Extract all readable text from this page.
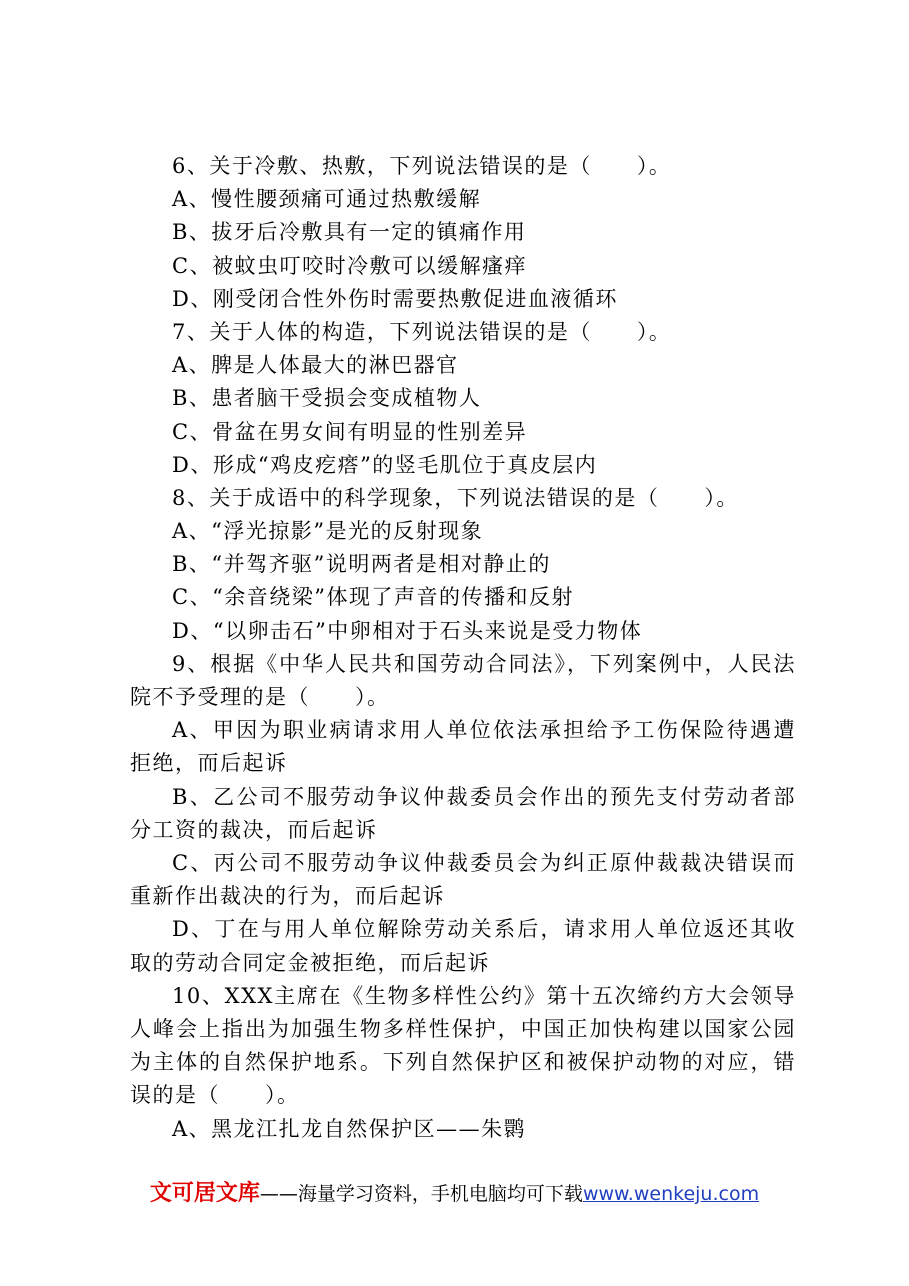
6、关于冷敷、热敷，下列说法错误的是（　　）。
A、慢性腰颈痛可通过热敷缓解
B、拔牙后冷敷具有一定的镇痛作用
C、被蚊虫叮咬时冷敷可以缓解瘙痒
D、刚受闭合性外伤时需要热敷促进血液循环
7、关于人体的构造，下列说法错误的是（　　）。
A、脾是人体最大的淋巴器官
B、患者脑干受损会变成植物人
C、骨盆在男女间有明显的性别差异
D、形成“鸡皮疙瘩”的竖毛肌位于真皮层内
8、关于成语中的科学现象，下列说法错误的是（　　）。
A、“浮光掠影”是光的反射现象
B、“并驾齐驱”说明两者是相对静止的
C、“余音绕梁”体现了声音的传播和反射
D、“以卵击石”中卵相对于石头来说是受力物体
9、根据《中华人民共和国劳动合同法》，下列案例中，人民法院不予受理的是（　　）。
A、甲因为职业病请求用人单位依法承担给予工伤保险待遇遭拒绝，而后起诉
B、乙公司不服劳动争议仲裁委员会作出的预先支付劳动者部分工资的裁决，而后起诉
C、丙公司不服劳动争议仲裁委员会为纠正原仲裁裁决错误而重新作出裁决的行为，而后起诉
D、丁在与用人单位解除劳动关系后，请求用人单位返还其收取的劳动合同定金被拒绝，而后起诉
10、XXX主席在《生物多样性公约》第十五次缔约方大会领导人峰会上指出为加强生物多样性保护，中国正加快构建以国家公园为主体的自然保护地系。下列自然保护区和被保护动物的对应，错误的是（　　）。
A、黑龙江扎龙自然保护区——朱鹮
文可居文库——海量学习资料，手机电脑均可下载www.wenkeju.com
